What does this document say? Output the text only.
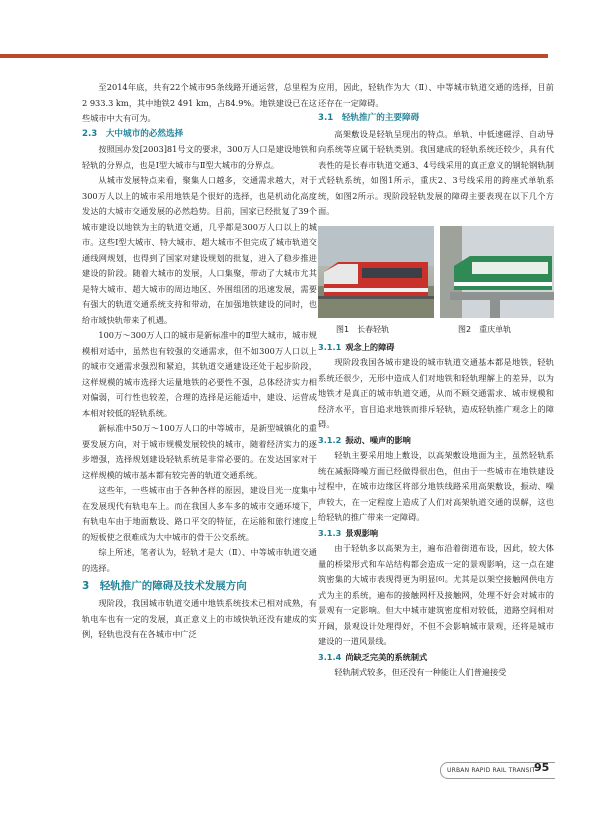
至2014年底，共有22个城市95条线路开通运营，总里程为2 933.3 km，其中地铁2 491 km，占84.9%。地铁建设已在这些城市中大有可为。

2.3　大中城市的必然选择

按照国办发[2003]81号文的要求，300万人口是建设地铁和轻轨的分界点，也是Ⅰ型大城市与Ⅱ型大城市的分界点。

从城市发展特点来看，聚集人口越多，交通需求越大，对于300万人以上的城市采用地铁是个很好的选择，也是机动化高度发达的大城市交通发展的必然趋势。目前，国家已经批复了39个城市建设以地铁为主的轨道交通，几乎都是300万人口以上的城市。这些Ⅰ型大城市、特大城市、超大城市不但完成了城市轨道交通线网规划，也得到了国家对建设规划的批复，进入了稳步推进建设的阶段。随着大城市的发展，人口集聚，带动了大城市尤其是特大城市、超大城市的周边地区、外围组团的迅速发展，需要有强大的轨道交通系统支持和带动，在加强地铁建设的同时，也给市域快轨带来了机遇。

100万～300万人口的城市是新标准中的Ⅱ型大城市，城市规模相对适中，虽然也有较强的交通需求，但不如300万人口以上的城市交通需求强烈和紧迫，其轨道交通建设还处于起步阶段，这样规模的城市选择大运量地铁的必要性不强，总体经济实力相对偏弱，可行性也较差，合理的选择是运能适中，建设、运营成本相对较低的轻轨系统。

新标准中50万～100万人口的中等城市，是新型城镇化的重要发展方向，对于城市规模发展较快的城市，随着经济实力的逐步增强，选择规划建设轻轨系统是非常必要的。在发达国家对于这样规模的城市基本都有较完善的轨道交通系统。

这些年，一些城市由于各种各样的原因，建设目光一度集中在发展现代有轨电车上。而在我国人多车多的城市交通环境下，有轨电车由于地面敷设、路口平交的特征，在运能和旅行速度上的短板使之很难成为大中城市的骨干公交系统。

综上所述，笔者认为，轻轨才是大（Ⅱ）、中等城市轨道交通的选择。

3　轻轨推广的障碍及技术发展方向

现阶段，我国城市轨道交通中地铁系统技术已相对成熟，有轨电车也有一定的发展，真正意义上的市域快轨还没有建成的实例，轻轨也没有在各城市中广泛

应用，因此，轻轨作为大（Ⅱ）、中等城市轨道交通的选择，目前还存在一定障碍。

3.1　轻轨推广的主要障碍

高架敷设是轻轨呈现出的特点。单轨、中低速磁浮、自动导向系统等应属于轻轨类别。我国建成的轻轨系统还较少，具有代表性的是长春市轨道交通3、4号线采用的真正意义的钢轮钢轨制式轻轨系统，如图1所示，重庆2、3号线采用的跨座式单轨系统，如图2所示。现阶段轻轨发展的障碍主要表现在以下几个方面。

图1　长春轻轨	图2　重庆单轨
3.1.1 观念上的障碍

现阶段我国各城市建设的城市轨道交通基本都是地铁，轻轨系统还很少，无形中造成人们对地铁和轻轨理解上的差异，以为地铁才是真正的城市轨道交通，从而不顾交通需求、城市规模和经济水平，盲目追求地铁而排斥轻轨，造成轻轨推广观念上的障碍。

3.1.2 振动、噪声的影响

轻轨主要采用地上敷设，以高架敷设地面为主，虽然轻轨系统在减振降噪方面已经做得很出色，但由于一些城市在地铁建设过程中，在城市边缘区将部分地铁线路采用高架敷设，振动、噪声较大，在一定程度上造成了人们对高架轨道交通的误解，这也给轻轨的推广带来一定障碍。

3.1.3 景观影响

由于轻轨多以高架为主，遍布沿着街道布设，因此，较大体量的桥梁形式和车站结构都会造成一定的景观影响，这一点在建筑密集的大城市表现得更为明显[6]。尤其是以架空接触网供电方式为主的系统，遍布的接触网杆及接触网，处理不好会对城市的景观有一定影响。但大中城市建筑密度相对较低，道路空间相对开阔，景观设计处理得好，不但不会影响城市景观，还将是城市建设的一道风景线。

3.1.4 尚缺乏完美的系统制式

轻轨制式较多，但还没有一种能让人们普遍接受

URBAN RAPID RAIL TRANSIT
95
